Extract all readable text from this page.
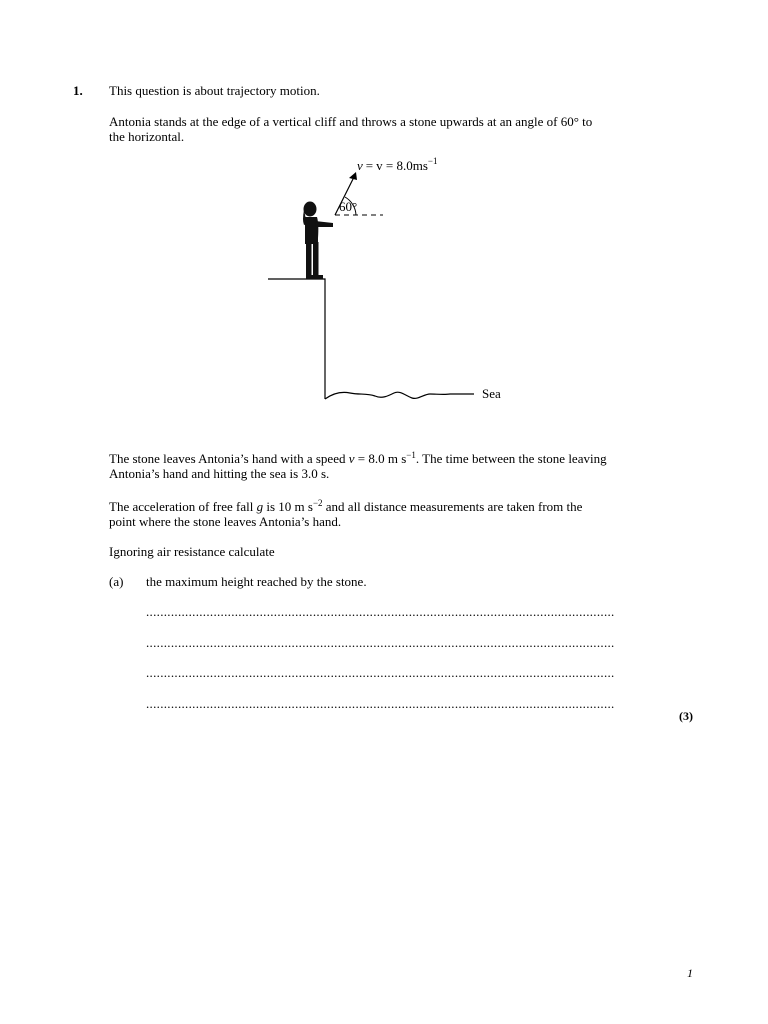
1. This question is about trajectory motion.
Antonia stands at the edge of a vertical cliff and throws a stone upwards at an angle of 60° to
the horizontal.
60°
$v = v = 8.0ms^{-1}$
Sea
The stone leaves Antonia’s hand with a speed v = 8.0 m $s^{-1}$. The time between the stone leaving
Antonia’s hand and hitting the sea is 3.0 s.
The acceleration of free fall g is 10 m $s^{-2}$ and all distance measurements are taken from the
point where the stone leaves Antonia’s hand.
Ignoring air resistance calculate
(a) the maximum height reached by the stone.
....................................................................................................................................
....................................................................................................................................
....................................................................................................................................
....................................................................................................................................
(3)
1
